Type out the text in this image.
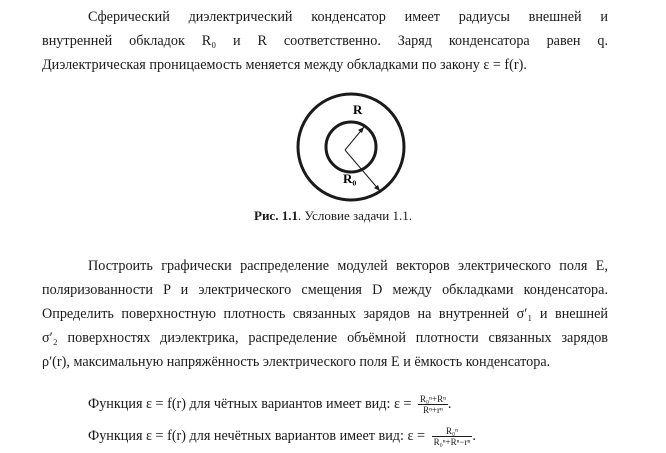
Сферический диэлектрический конденсатор имеет радиусы внешней и
внутренней обкладок R₀ и R соответственно. Заряд конденсатора равен q.
Диэлектрическая проницаемость меняется между обкладками по закону ε = f(r).
R
R₀
Рис. 1.1. Условие задачи 1.1.
Построить графически распределение модулей векторов электрического поля E,
поляризованности P и электрического смещения D между обкладками конденсатора.
Определить поверхностную плотность связанных зарядов на внутренней σ′₁ и внешней
σ′₂ поверхностях диэлектрика, распределение объёмной плотности связанных зарядов
ρ′(r), максимальную напряжённость электрического поля E и ёмкость конденсатора.
Функция ε = f(r) для чётных вариантов имеет вид: $\varepsilon = \frac{\text{R₀ⁿ+Rⁿ}}{\text{Rⁿ+rⁿ}}$ .
Функция ε = f(r) для нечётных вариантов имеет вид: $\varepsilon = \frac{\text{R₀ⁿ}}{\text{R₀ⁿ+Rⁿ−rⁿ}}$ .
